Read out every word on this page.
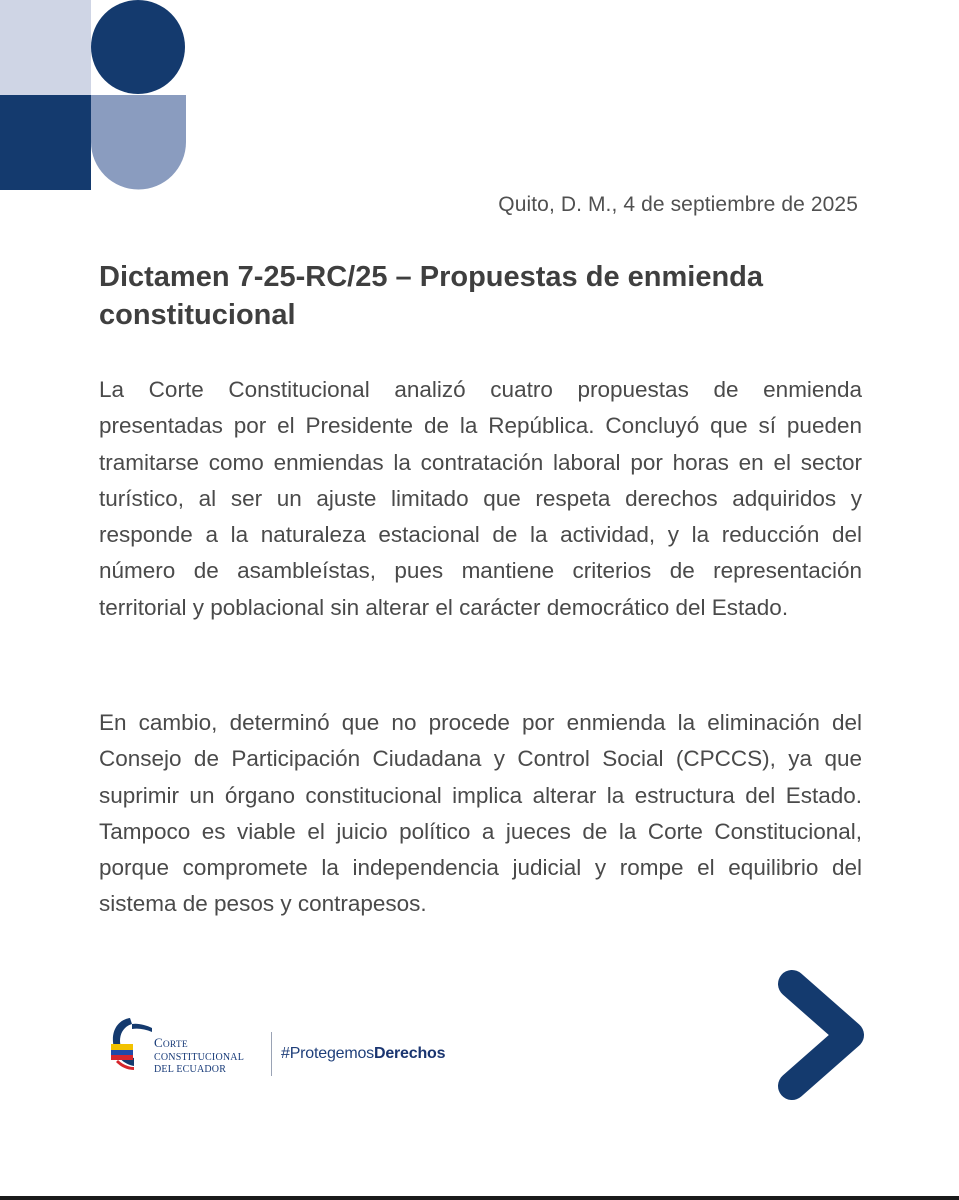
Quito, D. M., 4 de septiembre de 2025
Dictamen 7-25-RC/25 – Propuestas de enmienda constitucional

La Corte Constitucional analizó cuatro propuestas de enmienda presentadas por el Presidente de la República. Concluyó que sí pueden tramitarse como enmiendas la contratación laboral por horas en el sector turístico, al ser un ajuste limitado que respeta derechos adquiridos y responde a la naturaleza estacional de la actividad, y la reducción del número de asambleístas, pues mantiene criterios de representación territorial y poblacional sin alterar el carácter democrático del Estado.

En cambio, determinó que no procede por enmienda la eliminación del Consejo de Participación Ciudadana y Control Social (CPCCS), ya que suprimir un órgano constitucional implica alterar la estructura del Estado. Tampoco es viable el juicio político a jueces de la Corte Constitucional, porque compromete la independencia judicial y rompe el equilibrio del sistema de pesos y contrapesos.

CORTE
CONSTITUCIONAL
DEL ECUADOR
#ProtegemosDerechos
